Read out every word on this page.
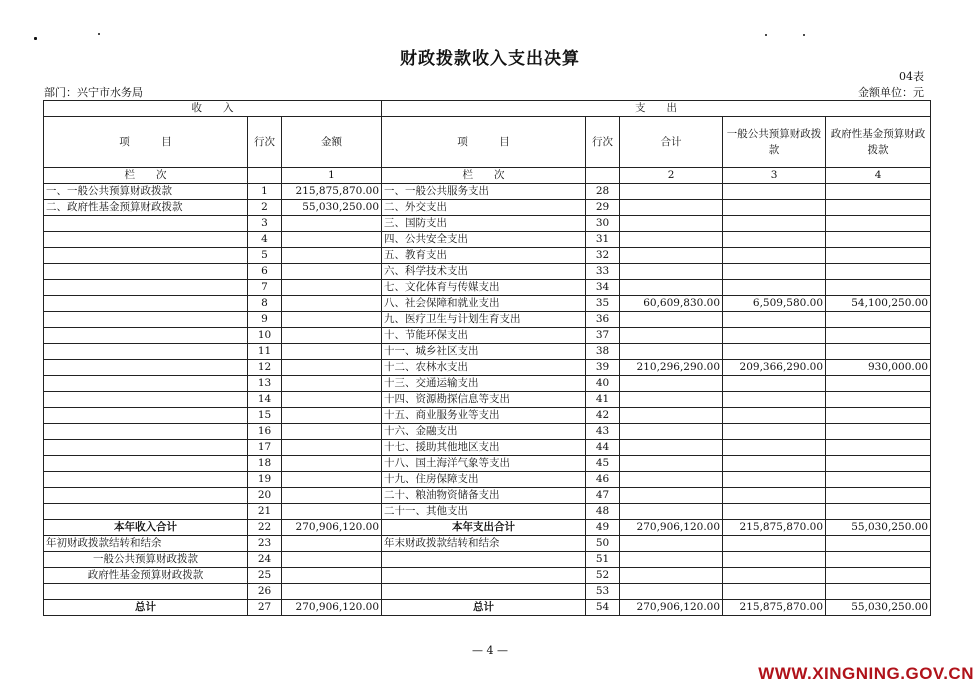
财政拨款收入支出决算
04表
部门：兴宁市水务局	金额单位：元
收　　入			支　　出				
项　　　目	行次	金额	项　　　目	行次	合计	一般公共预算财政拨款	政府性基金预算财政拨款
栏　　次		1	栏　　次		2	3	4
一、一般公共预算财政拨款	1	215,875,870.00	一、一般公共服务支出	28			
二、政府性基金预算财政拨款	2	55,030,250.00	二、外交支出	29			
	3		三、国防支出	30			
	4		四、公共安全支出	31			
	5		五、教育支出	32			
	6		六、科学技术支出	33			
	7		七、文化体育与传媒支出	34			
	8		八、社会保障和就业支出	35	60,609,830.00	6,509,580.00	54,100,250.00
	9		九、医疗卫生与计划生育支出	36			
	10		十、节能环保支出	37			
	11		十一、城乡社区支出	38			
	12		十二、农林水支出	39	210,296,290.00	209,366,290.00	930,000.00
	13		十三、交通运输支出	40			
	14		十四、资源勘探信息等支出	41			
	15		十五、商业服务业等支出	42			
	16		十六、金融支出	43			
	17		十七、援助其他地区支出	44			
	18		十八、国土海洋气象等支出	45			
	19		十九、住房保障支出	46			
	20		二十、粮油物资储备支出	47			
	21		二十一、其他支出	48			
本年收入合计	22	270,906,120.00	本年支出合计	49	270,906,120.00	215,875,870.00	55,030,250.00
年初财政拨款结转和结余	23		年末财政拨款结转和结余	50			
一般公共预算财政拨款	24			51			
政府性基金预算财政拨款	25			52			
	26			53			
总计	27	270,906,120.00	总计	54	270,906,120.00	215,875,870.00	55,030,250.00
— 4 —
WWW.XINGNING.GOV.CN
